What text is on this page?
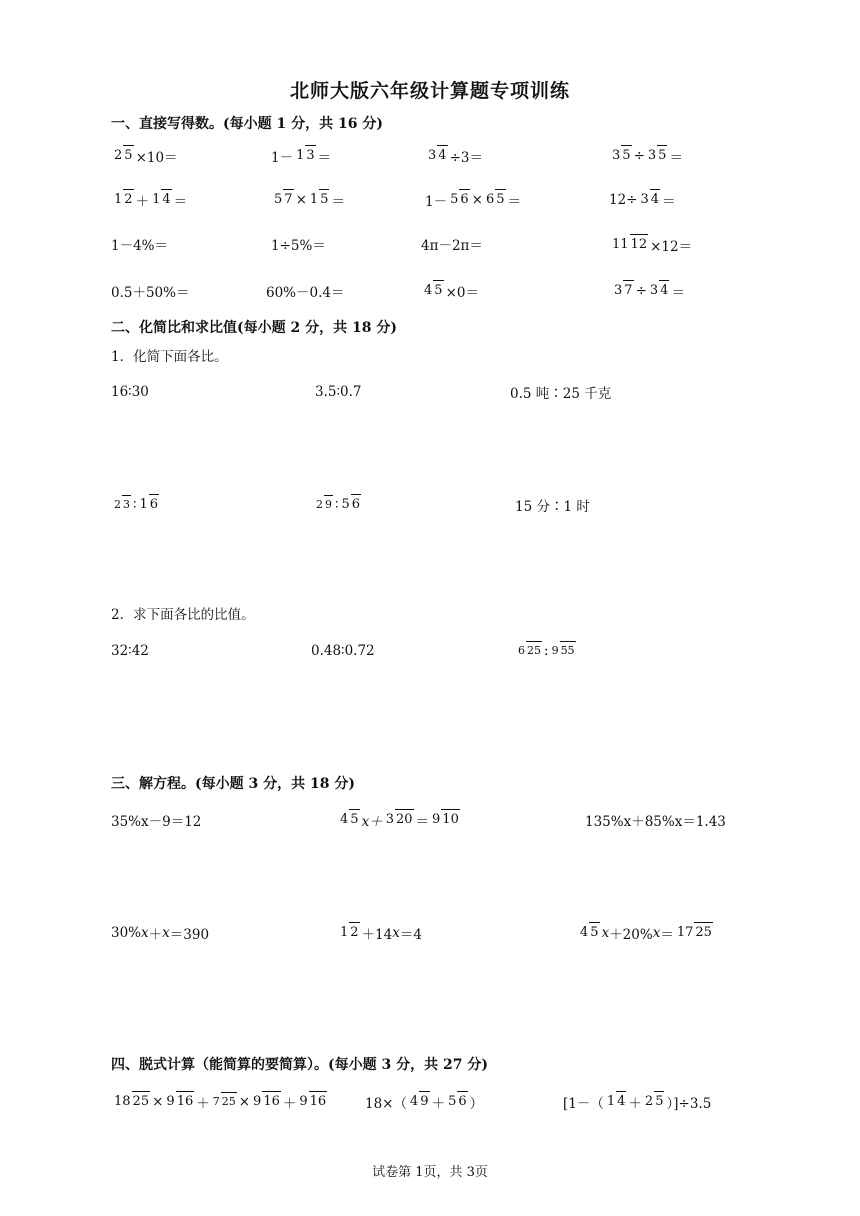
北师大版六年级计算题专项训练
一、直接写得数。(每小题 1 分，共 16 分)
2 5 ×10＝	1－ 1 3 ＝	3 4 ÷3＝	3 5 ÷ 3 5 ＝
1 2 ＋ 1 4 ＝	5 7 × 1 5 ＝	1－ 5 6 × 6 5 ＝	12÷ 3 4 ＝
1－4%＝	1÷5%＝	4π－2π＝	11 12 ×12＝
0.5＋50%＝	60%－0.4＝	4 5 ×0＝	3 7 ÷ 3 4 ＝
二、化简比和求比值(每小题 2 分，共 18 分)
1．化简下面各比。
16∶30	3.5∶0.7	0.5 吨∶25 千克
2 3 ∶ 1 6	2 9 ∶ 5 6	15 分∶1 时
2．求下面各比的比值。
32∶42	0.48∶0.72	6 25 : 9 55
三、解方程。(每小题 3 分，共 18 分)
35%x－9＝12	4 5 x＋ 3 20 ＝ 9 10	135%x＋85%x＝1.43
30% x ＋ x ＝390	1 2 ＋14 x ＝4	4 5 x ＋20% x ＝ 17 25
四、脱式计算（能简算的要简算）。(每小题 3 分，共 27 分)
18 25 × 9 16 ＋ 7 25 × 9 16 ＋ 9 16	18×（ 4 9 ＋ 5 6 ）	[1－（ 1 4 ＋ 2 5 ）]÷3.5
试卷第 1页，共 3页
